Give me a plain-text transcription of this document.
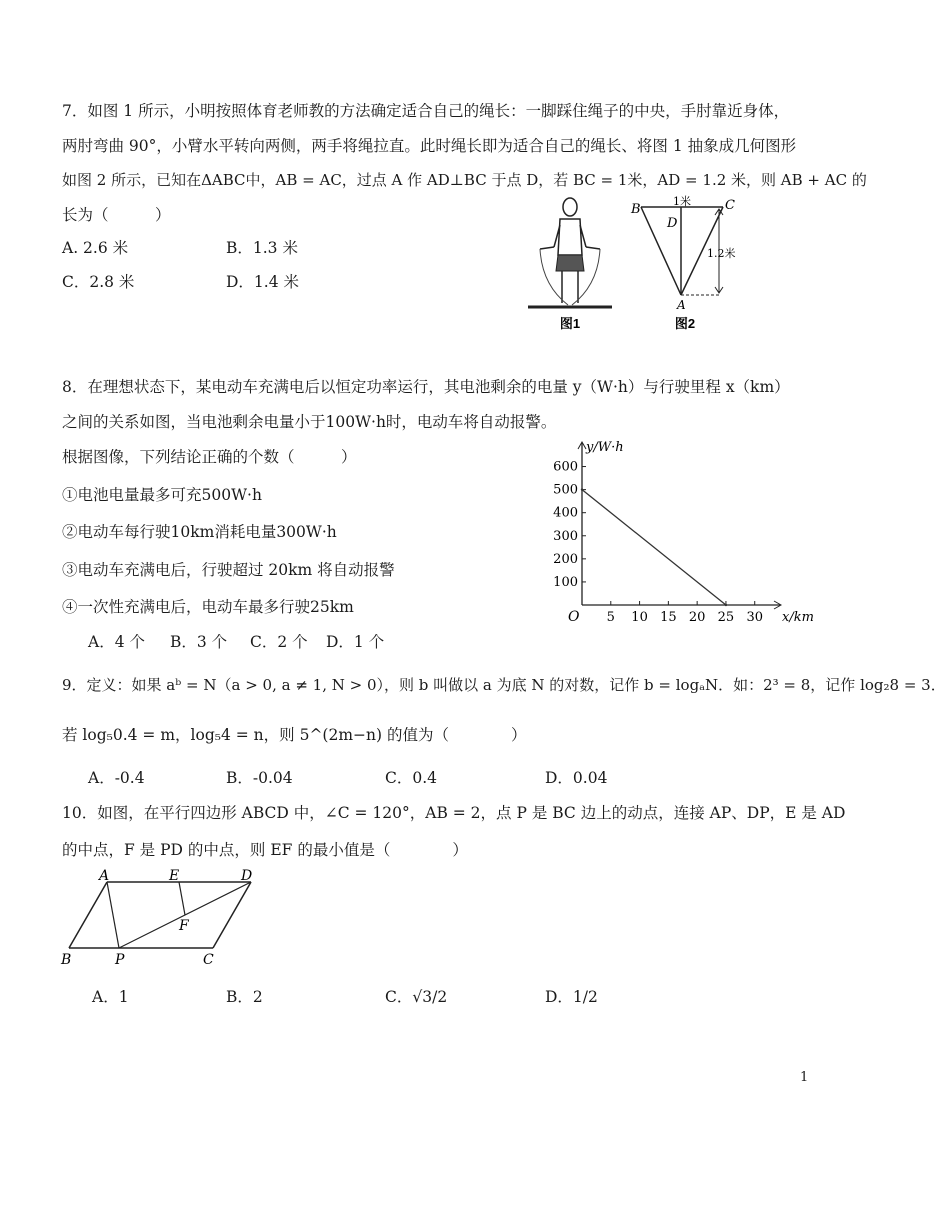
7．如图 1 所示，小明按照体育老师教的方法确定适合自己的绳长：一脚踩住绳子的中央，手肘靠近身体，
两肘弯曲 90°，小臂水平转向两侧，两手将绳拉直。此时绳长即为适合自己的绳长、将图 1 抽象成几何图形
如图 2 所示，已知在ΔABC中，AB = AC，过点 A 作 AD⊥BC 于点 D，若 BC = 1米，AD = 1.2 米，则 AB + AC 的
长为（　　　）
A. 2.6 米	B．1.3 米
C．2.8 米	D．1.4 米
图1
B	C
D
A
1米
1.2米
图2
8．在理想状态下，某电动车充满电后以恒定功率运行，其电池剩余的电量 y（W·h）与行驶里程 x（km）
之间的关系如图，当电池剩余电量小于100W·h时，电动车将自动报警。
根据图像，下列结论正确的个数（　　　）
①电池电量最多可充500W·h
②电动车每行驶10km消耗电量300W·h
③电动车充满电后，行驶超过 20km 将自动报警
④一次性充满电后，电动车最多行驶25km
A．4 个 B．3 个 C．2 个 D．1 个
5 10 15 20 25 30
100
200
300
400
500
600
O	x/km
y/W·h
9．定义：如果 aᵇ = N（a > 0, a ≠ 1, N > 0），则 b 叫做以 a 为底 N 的对数，记作 b = logₐN．如：2³ = 8，记作 log₂8 = 3．
若 log₅0.4 = m，log₅4 = n，则 5^(2m−n) 的值为（　　　　）
A．-0.4	B．-0.04	C．0.4	D．0.04
10．如图，在平行四边形 ABCD 中，∠C = 120°，AB = 2，点 P 是 BC 边上的动点，连接 AP、DP，E 是 AD
的中点，F 是 PD 的中点，则 EF 的最小值是（　　　　）
A	E	D
F
B	P	C
A．1	B．2	C．√3/2	D．1/2
1
